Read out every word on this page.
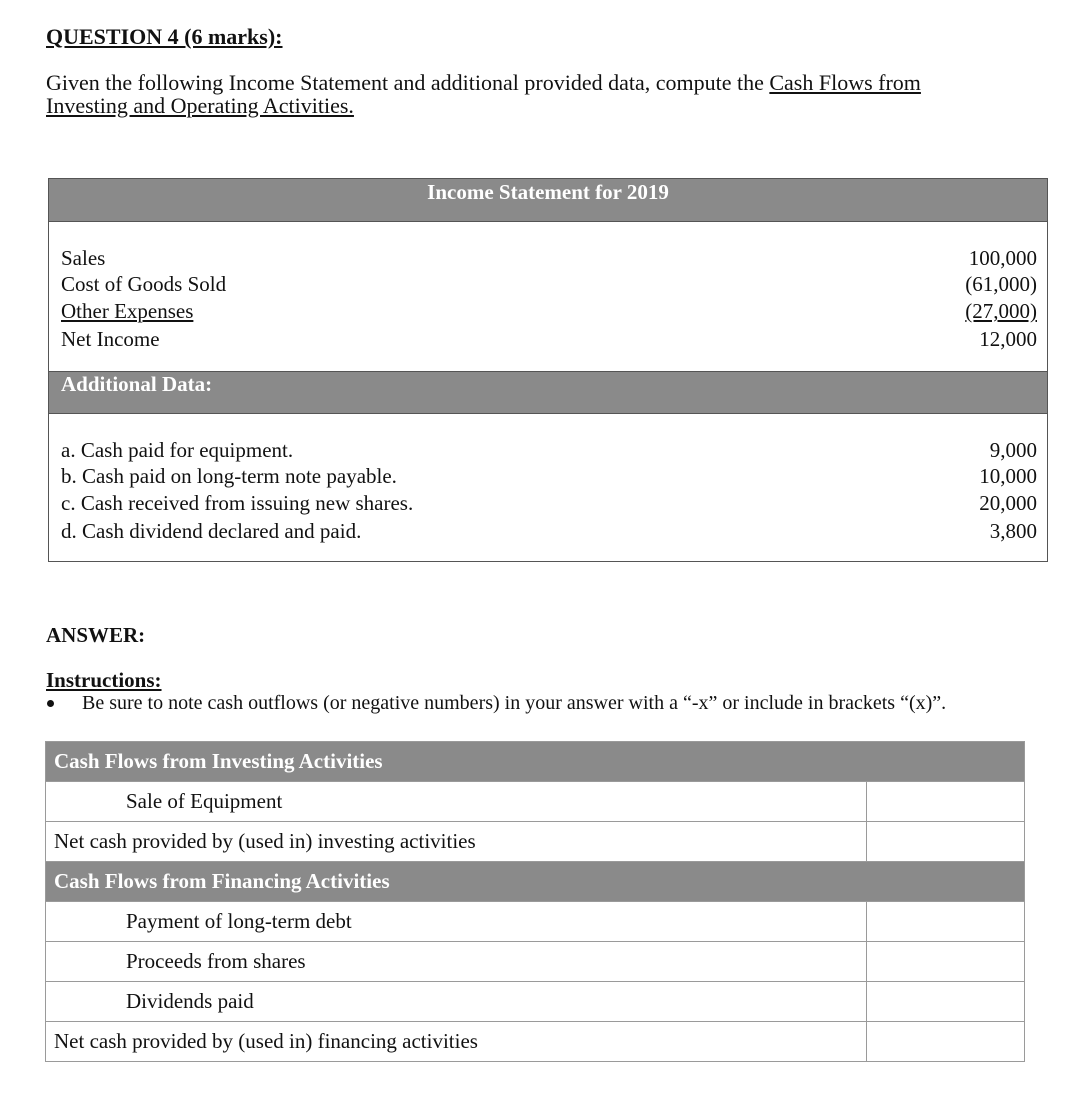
QUESTION 4 (6 marks):
Given the following Income Statement and additional provided data, compute the Cash Flows from
Investing and Operating Activities.
Income Statement for 2019
Sales	100,000
Cost of Goods Sold	(61,000)
Other Expenses	(27,000)
Net Income	12,000
Additional Data:
a. Cash paid for equipment.	9,000
b. Cash paid on long-term note payable.	10,000
c. Cash received from issuing new shares.	20,000
d. Cash dividend declared and paid.	3,800
ANSWER:
Instructions:
Be sure to note cash outflows (or negative numbers) in your answer with a “-x” or include in brackets “(x)”.
Cash Flows from Investing Activities	
Sale of Equipment	
Net cash provided by (used in) investing activities	
Cash Flows from Financing Activities	
Payment of long-term debt	
Proceeds from shares	
Dividends paid	
Net cash provided by (used in) financing activities	
